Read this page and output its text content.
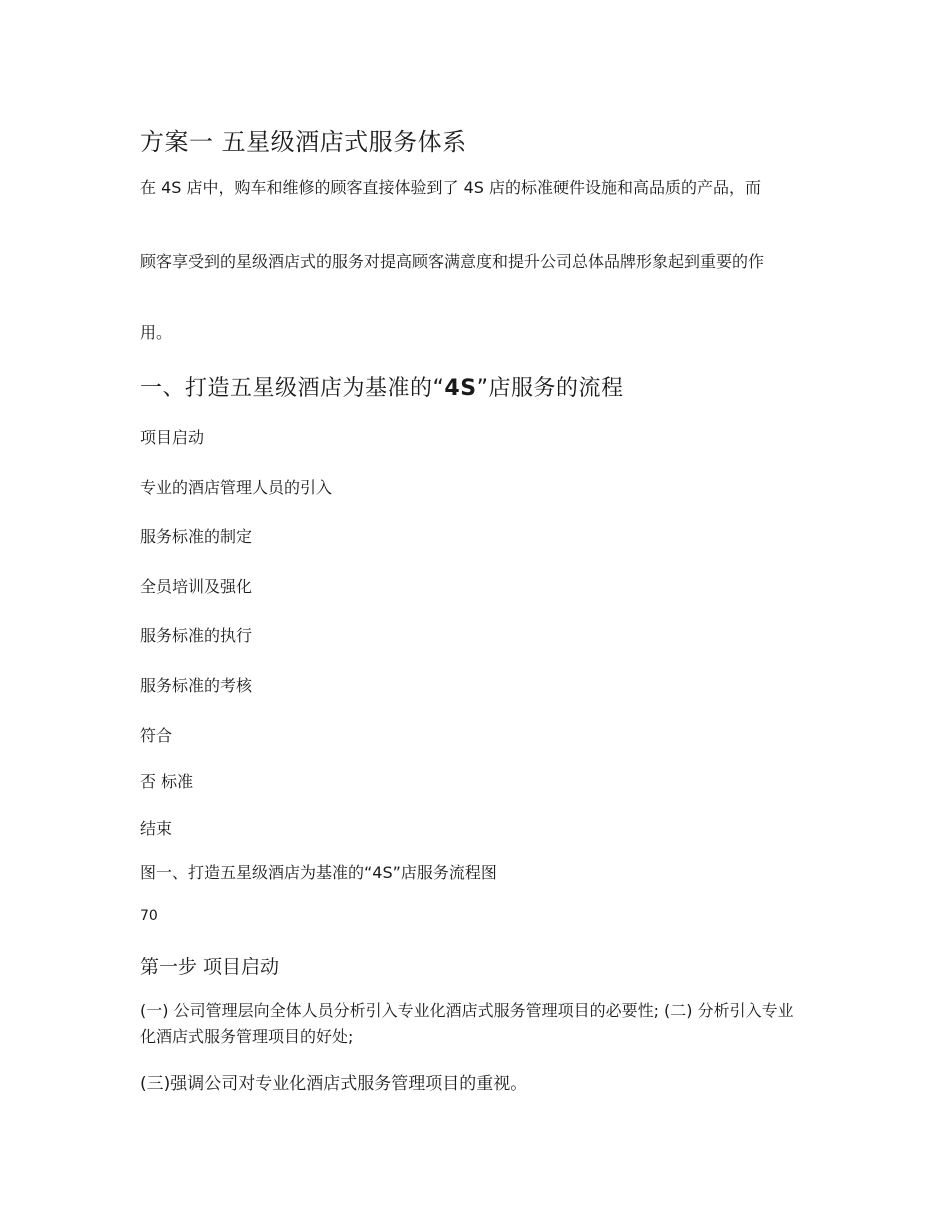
方案一 五星级酒店式服务体系

在 4S 店中，购车和维修的顾客直接体验到了 4S 店的标准硬件设施和高品质的产品，而

顾客享受到的星级酒店式的服务对提高顾客满意度和提升公司总体品牌形象起到重要的作

用。

一、打造五星级酒店为基准的“4S”店服务的流程
项目启动
专业的酒店管理人员的引入
服务标准的制定
全员培训及强化
服务标准的执行
服务标准的考核
符合
否 标准
结束
图一、打造五星级酒店为基准的“4S”店服务流程图
70
第一步 项目启动

(一) 公司管理层向全体人员分析引入专业化酒店式服务管理项目的必要性; (二) 分析引入专业化酒店式服务管理项目的好处;

(三)强调公司对专业化酒店式服务管理项目的重视。
